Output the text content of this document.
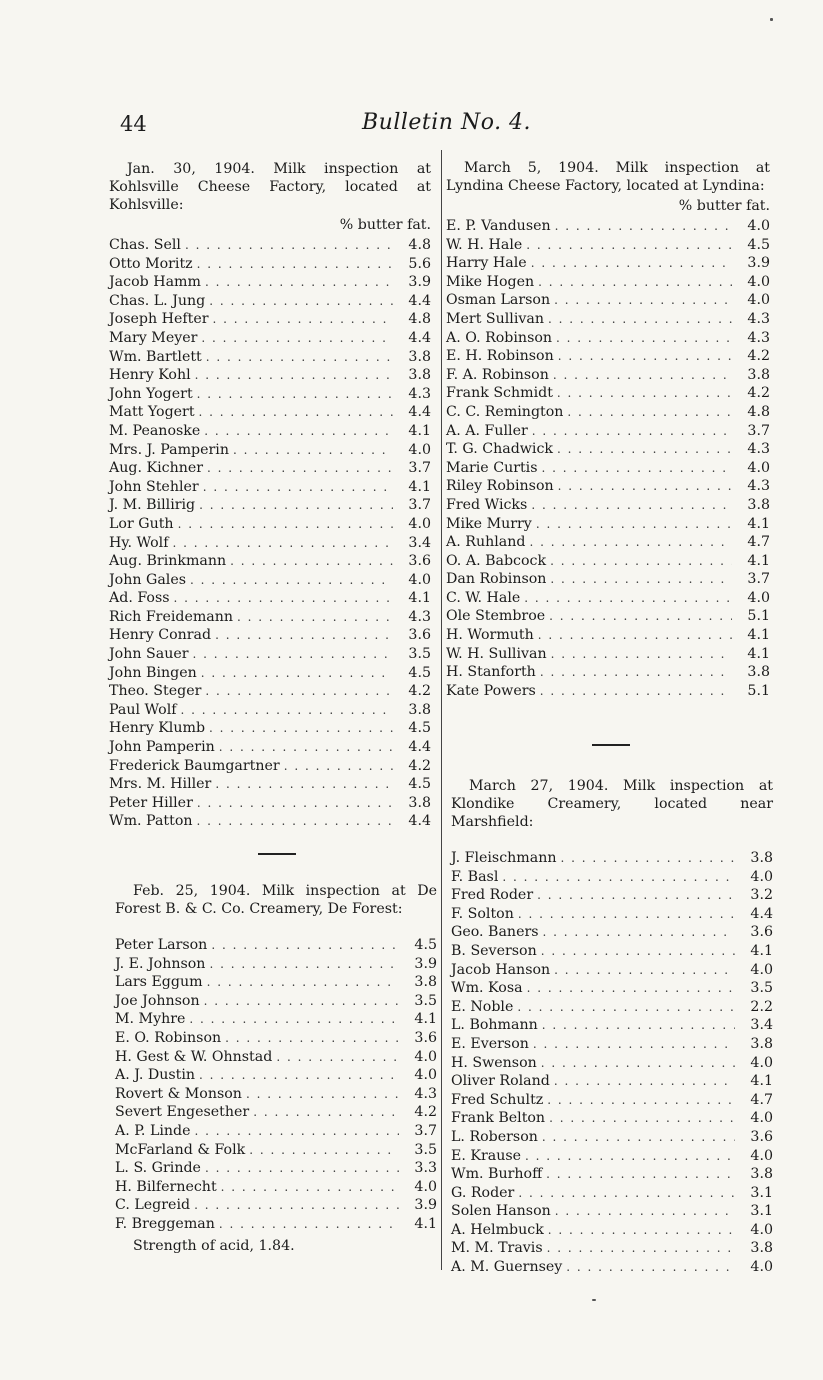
44	Bulletin No. 4.
Jan. 30, 1904. Milk inspection at Kohlsville Cheese Factory, located at Kohlsville:
% butter fat.
Chas. Sell . . .	4.8
Otto Moritz . . .	5.6
Jacob Hamm . . .	3.9
Chas. L. Jung . . .	4.4
Joseph Hefter . . .	4.8
Mary Meyer . . .	4.4
Wm. Bartlett . . .	3.8
Henry Kohl . . .	3.8
John Yogert . . .	4.3
Matt Yogert . . .	4.4
M. Peanoske . . .	4.1
Mrs. J. Pamperin . . .	4.0
Aug. Kichner . . .	3.7
John Stehler . . .	4.1
J. M. Billirig . . .	3.7
Lor Guth . . .	4.0
Hy. Wolf . . .	3.4
Aug. Brinkmann . . .	3.6
John Gales . . .	4.0
Ad. Foss . . .	4.1
Rich Freidemann . . .	4.3
Henry Conrad . . .	3.6
John Sauer . . .	3.5
John Bingen . . .	4.5
Theo. Steger . . .	4.2
Paul Wolf . . .	3.8
Henry Klumb . . .	4.5
John Pamperin . . .	4.4
Frederick Baumgartner . . .	4.2
Mrs. M. Hiller . . .	4.5
Peter Hiller . . .	3.8
Wm. Patton . . .	4.4
Feb. 25, 1904. Milk inspection at De Forest B. & C. Co. Creamery, De Forest:
Peter Larson . . .	4.5
J. E. Johnson . . .	3.9
Lars Eggum . . .	3.8
Joe Johnson . . .	3.5
M. Myhre . . .	4.1
E. O. Robinson . . .	3.6
H. Gest & W. Ohnstad . . .	4.0
A. J. Dustin . . .	4.0
Rovert & Monson . . .	4.3
Severt Engesether . . .	4.2
A. P. Linde . . .	3.7
McFarland & Folk . . .	3.5
L. S. Grinde . . .	3.3
H. Bilfernecht . . .	4.0
C. Legreid . . .	3.9
F. Breggeman . . .	4.1
Strength of acid, 1.84.
March 5, 1904. Milk inspection at Lyndina Cheese Factory, located at Lyndina:
% butter fat.
E. P. Vandusen . . .	4.0
W. H. Hale . . .	4.5
Harry Hale . . .	3.9
Mike Hogen . . .	4.0
Osman Larson . . .	4.0
Mert Sullivan . . .	4.3
A. O. Robinson . . .	4.3
E. H. Robinson . . .	4.2
F. A. Robinson . . .	3.8
Frank Schmidt . . .	4.2
C. C. Remington . . .	4.8
A. A. Fuller . . .	3.7
T. G. Chadwick . . .	4.3
Marie Curtis . . .	4.0
Riley Robinson . . .	4.3
Fred Wicks . . .	3.8
Mike Murry . . .	4.1
A. Ruhland . . .	4.7
O. A. Babcock . . .	4.1
Dan Robinson . . .	3.7
C. W. Hale . . .	4.0
Ole Stembroe . . .	5.1
H. Wormuth . . .	4.1
W. H. Sullivan . . .	4.1
H. Stanforth . . .	3.8
Kate Powers . . .	5.1
March 27, 1904. Milk inspection at Klondike Creamery, located near Marshfield:
J. Fleischmann . . .	3.8
F. Basl . . .	4.0
Fred Roder . . .	3.2
F. Solton . . .	4.4
Geo. Baners . . .	3.6
B. Severson . . .	4.1
Jacob Hanson . . .	4.0
Wm. Kosa . . .	3.5
E. Noble . . .	2.2
L. Bohmann . . .	3.4
E. Everson . . .	3.8
H. Swenson . . .	4.0
Oliver Roland . . .	4.1
Fred Schultz . . .	4.7
Frank Belton . . .	4.0
L. Roberson . . .	3.6
E. Krause . . .	4.0
Wm. Burhoff . . .	3.8
G. Roder . . .	3.1
Solen Hanson . . .	3.1
A. Helmbuck . . .	4.0
M. M. Travis . . .	3.8
A. M. Guernsey . . .	4.0
